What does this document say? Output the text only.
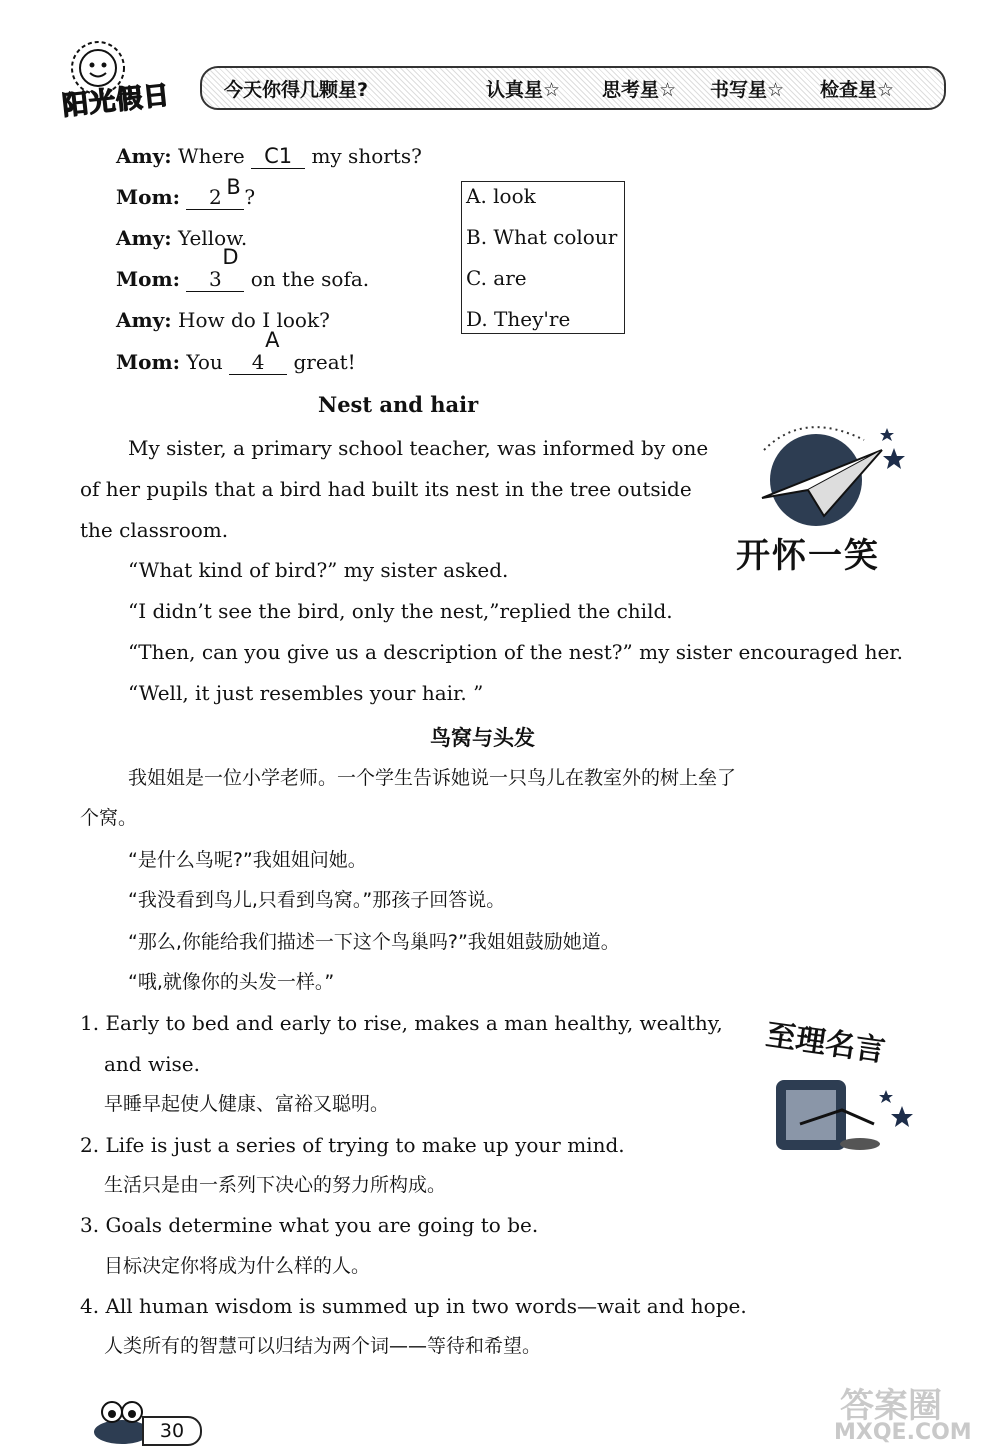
阳光假日	今天你得几颗星?	认真星☆ 思考星☆ 书写星☆ 检查星☆
Amy: Where C1 my shorts?
Mom: 2 B ?
Amy: Yellow.
Mom: 3
D
on the sofa.
Amy: How do I look?
Mom: You 4
A
great!
A. look
B. What colour
C. are
D. They're
Nest and hair
My sister, a primary school teacher, was informed by one
of her pupils that a bird had built its nest in the tree outside
the classroom.
“What kind of bird?” my sister asked.
“I didn’t see the bird, only the nest,”replied the child.
“Then, can you give us a description of the nest?” my sister encouraged her.
“Well, it just resembles your hair. ”
开怀一笑
鸟窝与头发
我姐姐是一位小学老师。一个学生告诉她说一只鸟儿在教室外的树上垒了
个窝。
“是什么鸟呢?”我姐姐问她。
“我没看到鸟儿,只看到鸟窝。”那孩子回答说。
“那么,你能给我们描述一下这个鸟巢吗?”我姐姐鼓励她道。
“哦,就像你的头发一样。”
1. Early to bed and early to rise, makes a man healthy, wealthy,
and wise.
早睡早起使人健康、富裕又聪明。
2. Life is just a series of trying to make up your mind.
生活只是由一系列下决心的努力所构成。
3. Goals determine what you are going to be.
目标决定你将成为什么样的人。
4. All human wisdom is summed up in two words—wait and hope.
人类所有的智慧可以归结为两个词——等待和希望。
至理名言
30
答案圈
MXQE.COM
